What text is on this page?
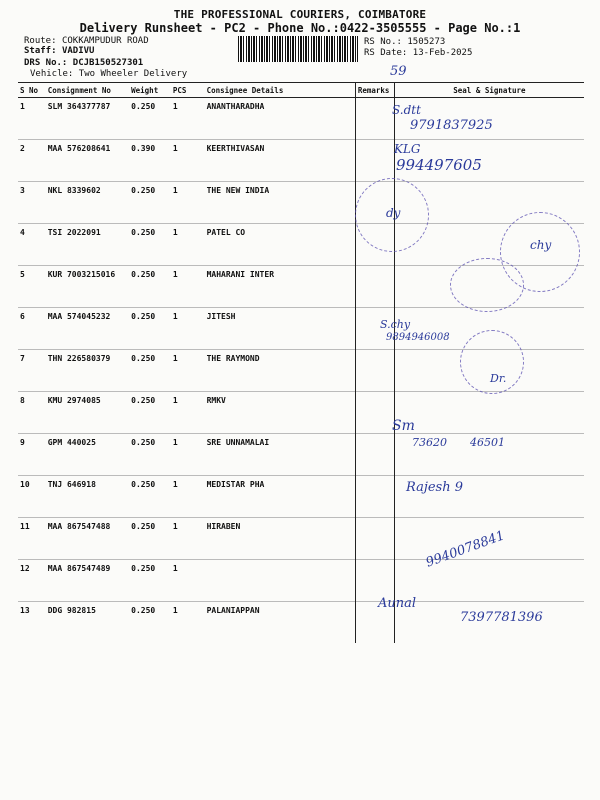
THE PROFESSIONAL COURIERS, COIMBATORE
Delivery Runsheet - PC2 - Phone No.:0422-3505555 - Page No.:1
Route: COKKAMPUDUR ROAD
Staff: VADIVU
DRS No.: DCJB150527301
Vehicle: Two Wheeler Delivery
RS No.: 1505273
RS Date: 13-Feb-2025
59
S No	Consignment No	Weight	PCS	Consignee Details	Remarks	Seal & Signature
1	SLM 364377787	0.250	1	ANANTHARADHA		
2	MAA 576208641	0.390	1	KEERTHIVASAN		
3	NKL 8339602	0.250	1	THE NEW INDIA		
4	TSI 2022091	0.250	1	PATEL CO		
5	KUR 7003215016	0.250	1	MAHARANI INTER		
6	MAA 574045232	0.250	1	JITESH		
7	THN 226580379	0.250	1	THE RAYMOND		
8	KMU 2974085	0.250	1	RMKV		
9	GPM 440025	0.250	1	SRE UNNAMALAI		
10	TNJ 646918	0.250	1	MEDISTAR PHA		
11	MAA 867547488	0.250	1	HIRABEN		
12	MAA 867547489	0.250	1			
13	DDG 982815	0.250	1	PALANIAPPAN		
S.dtt
9791837925
KLG
994497605
dy
chy
S.chy
9894946008
Dr.
Sm
73620 46501
Rajesh 9
9940078841
Aunal
7397781396
